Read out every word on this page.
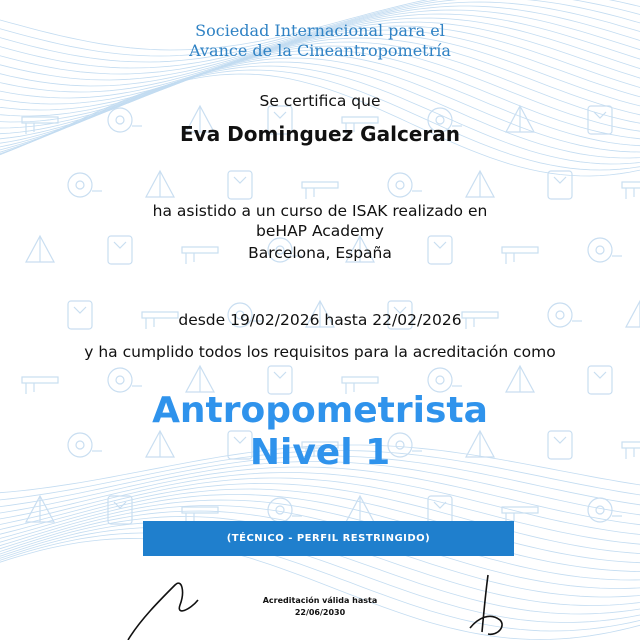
Sociedad Internacional para el
Avance de la Cineantropometría
Se certifica que
Eva Dominguez Galceran
ha asistido a un curso de ISAK realizado en
beHAP Academy
Barcelona, España
desde 19/02/2026 hasta 22/02/2026
y ha cumplido todos los requisitos para la acreditación como
Antropometrista
Nivel 1
(TÉCNICO - PERFIL RESTRINGIDO)
Acreditación válida hasta
22/06/2030
